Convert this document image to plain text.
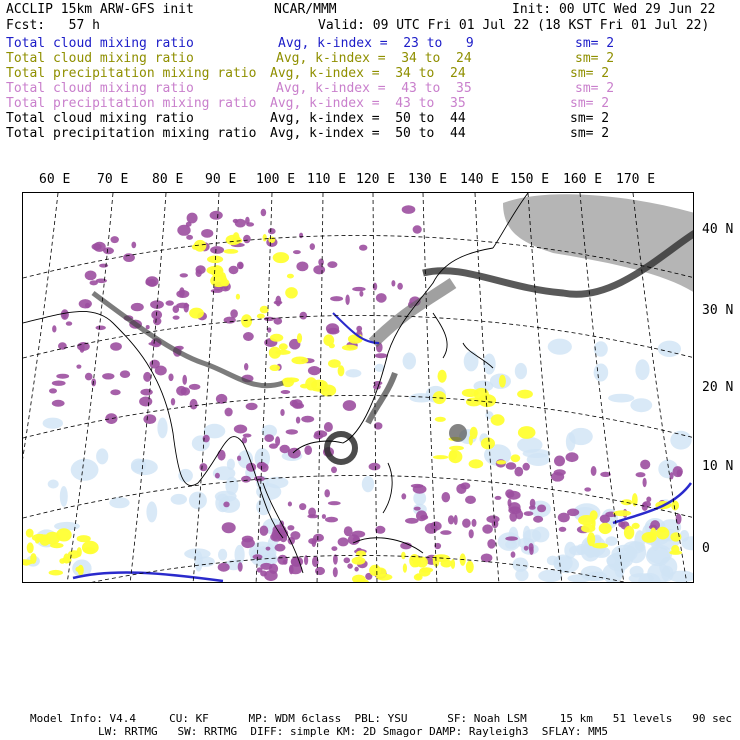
ACCLIP 15km ARW-GFS init	NCAR/MMM	Init: 00 UTC Wed 29 Jun 22
Fcst:   57 h	Valid: 09 UTC Fri 01 Jul 22 (18 KST Fri 01 Jul 22)
Total cloud mixing ratio	Avg, k-index =  23 to   9	sm= 2
Total cloud mixing ratio	Avg, k-index =  34 to  24	sm= 2
Total precipitation mixing ratio Avg, k-index =  34 to  24	sm= 2
Total cloud mixing ratio	Avg, k-index =  43 to  35	sm= 2
Total precipitation mixing ratio Avg, k-index =  43 to  35	sm= 2
Total cloud mixing ratio	Avg, k-index =  50 to  44	sm= 2
Total precipitation mixing ratio Avg, k-index =  50 to  44	sm= 2
60 E 70 E 80 E 90 E 100 E 110 E 120 E 130 E 140 E 150 E 160 E 170 E
40 N
30 N
20 N
10 N
0
Model Info: V4.4     CU: KF      MP: WDM 6class  PBL: YSU      SF: Noah LSM     15 km   51 levels   90 sec
LW: RRTMG   SW: RRTMG  DIFF: simple KM: 2D Smagor DAMP: Rayleigh3  SFLAY: MM5
